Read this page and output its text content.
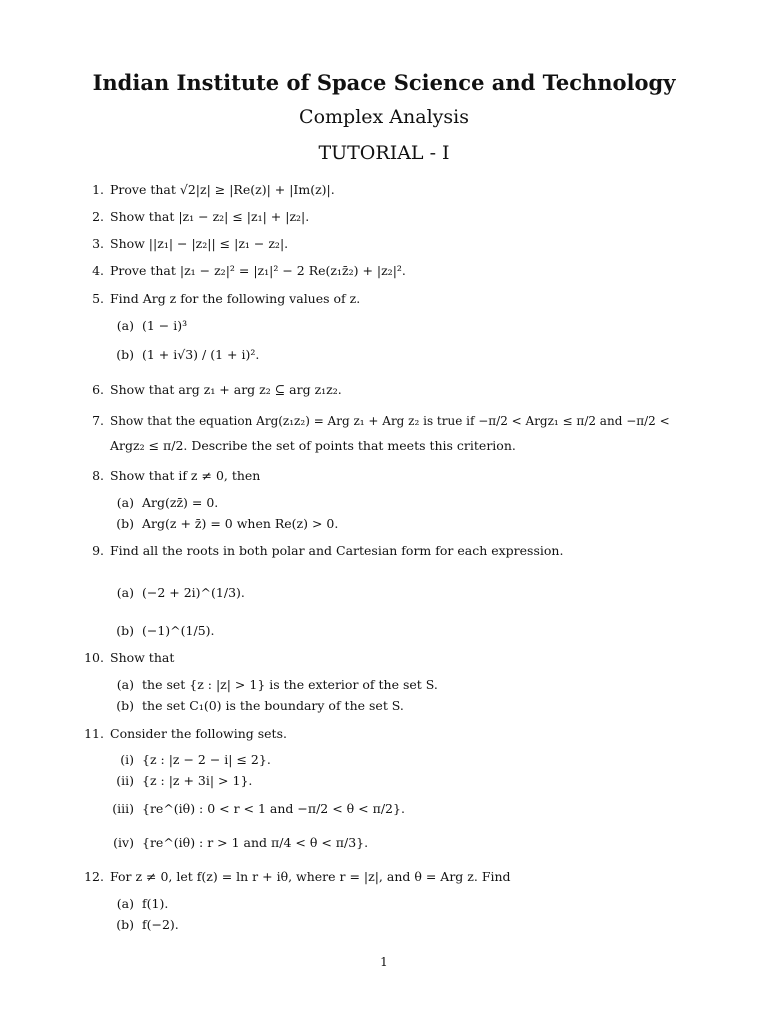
Indian Institute of Space Science and Technology
Complex Analysis
TUTORIAL - I
1. Prove that √2|z| ≥ |Re(z)| + |Im(z)|.
2. Show that |z₁ − z₂| ≤ |z₁| + |z₂|.
3. Show ||z₁| − |z₂|| ≤ |z₁ − z₂|.
4. Prove that |z₁ − z₂|² = |z₁|² − 2 Re(z₁z̄₂) + |z₂|².
5. Find Arg z for the following values of z.
(a) (1 − i)³
(b) (1 + i√3) / (1 + i)².
6. Show that arg z₁ + arg z₂ ⊆ arg z₁z₂.
7. Show that the equation Arg(z₁z₂) = Arg z₁ + Arg z₂ is true if −π/2 < Argz₁ ≤ π/2 and −π/2 <
Argz₂ ≤ π/2. Describe the set of points that meets this criterion.
8. Show that if z ≠ 0, then
(a) Arg(zz̄) = 0.
(b) Arg(z + z̄) = 0 when Re(z) > 0.
9. Find all the roots in both polar and Cartesian form for each expression.
(a) (−2 + 2i)^(1/3).
(b) (−1)^(1/5).
10. Show that
(a) the set {z : |z| > 1} is the exterior of the set S.
(b) the set C₁(0) is the boundary of the set S.
11. Consider the following sets.
(i) {z : |z − 2 − i| ≤ 2}.
(ii) {z : |z + 3i| > 1}.
(iii) {re^(iθ) : 0 < r < 1 and −π/2 < θ < π/2}.
(iv) {re^(iθ) : r > 1 and π/4 < θ < π/3}.
12. For z ≠ 0, let f(z) = ln r + iθ, where r = |z|, and θ = Arg z. Find
(a) f(1).
(b) f(−2).
1
